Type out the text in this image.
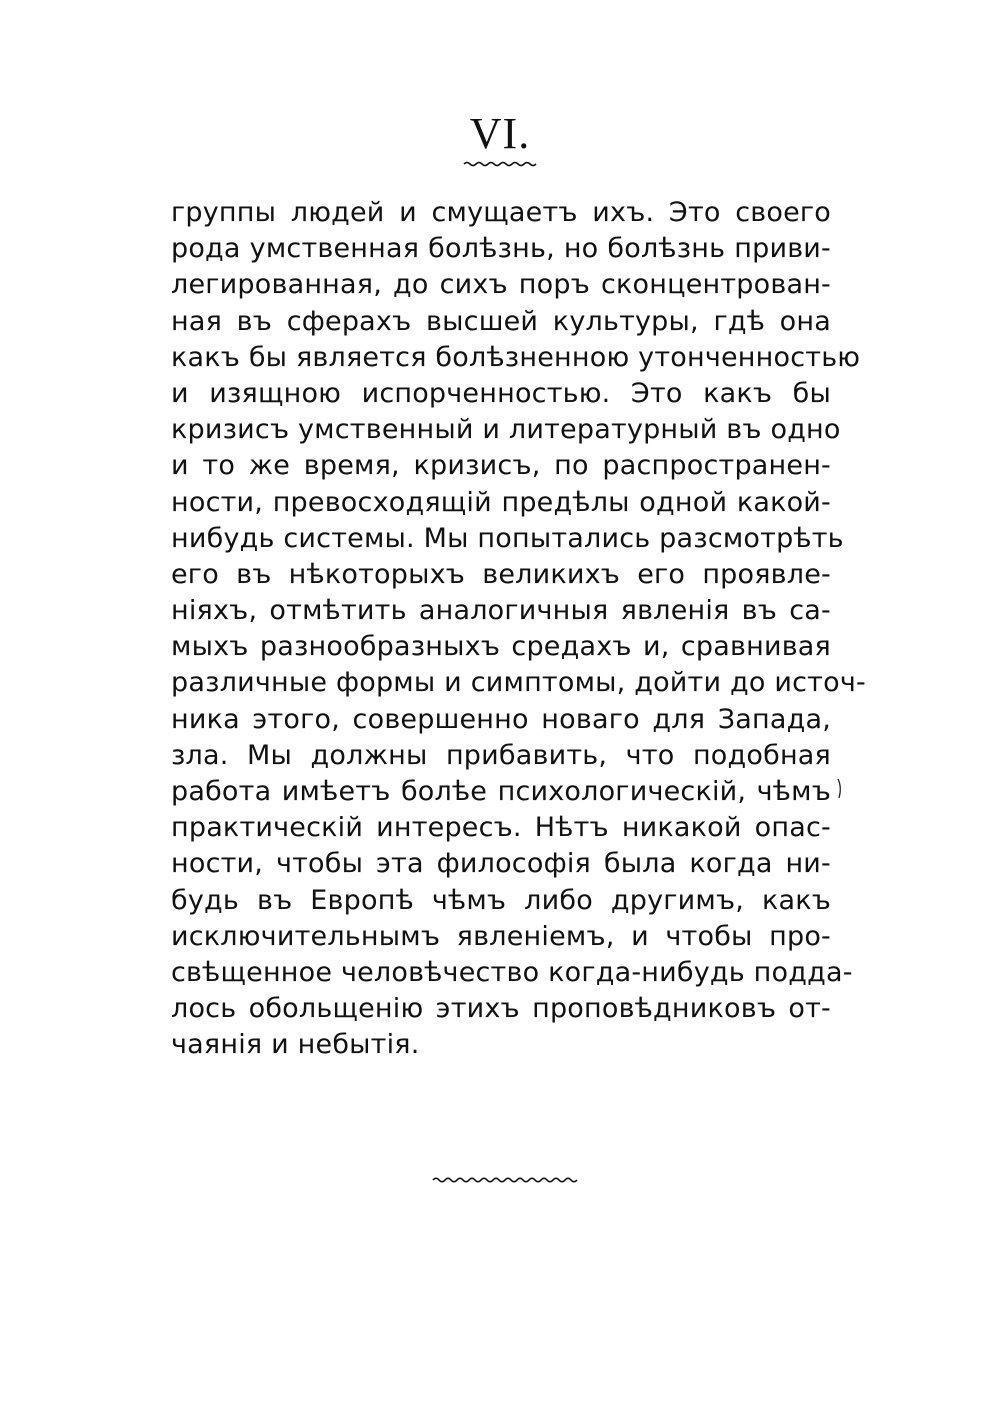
VI.
группы людей и смущаетъ ихъ. Это своего
рода умственная болѣзнь, но болѣзнь приви-
легированная, до сихъ поръ сконцентрован-
ная въ сферахъ высшей культуры, гдѣ она
какъ бы является болѣзненною утонченностью
и изящною испорченностью. Это какъ бы
кризисъ умственный и литературный въ одно
и то же время, кризисъ, по распространен-
ности, превосходящій предѣлы одной какой-
нибудь системы. Мы попытались разсмотрѣть
его въ нѣкоторыхъ великихъ его проявле-
ніяхъ, отмѣтить аналогичныя явленія въ са-
мыхъ разнообразныхъ средахъ и, сравнивая
различные формы и симптомы, дойти до источ-
ника этого, совершенно новаго для Запада,
зла. Мы должны прибавить, что подобная
работа имѣетъ болѣе психологическій, чѣмъ
практическій интересъ. Нѣтъ никакой опас-
ности, чтобы эта философія была когда ни-
будь въ Европѣ чѣмъ либо другимъ, какъ
исключительнымъ явленіемъ, и чтобы про-
свѣщенное человѣчество когда-нибудь подда-
лось обольщенію этихъ проповѣдниковъ от-
чаянія и небытія.
